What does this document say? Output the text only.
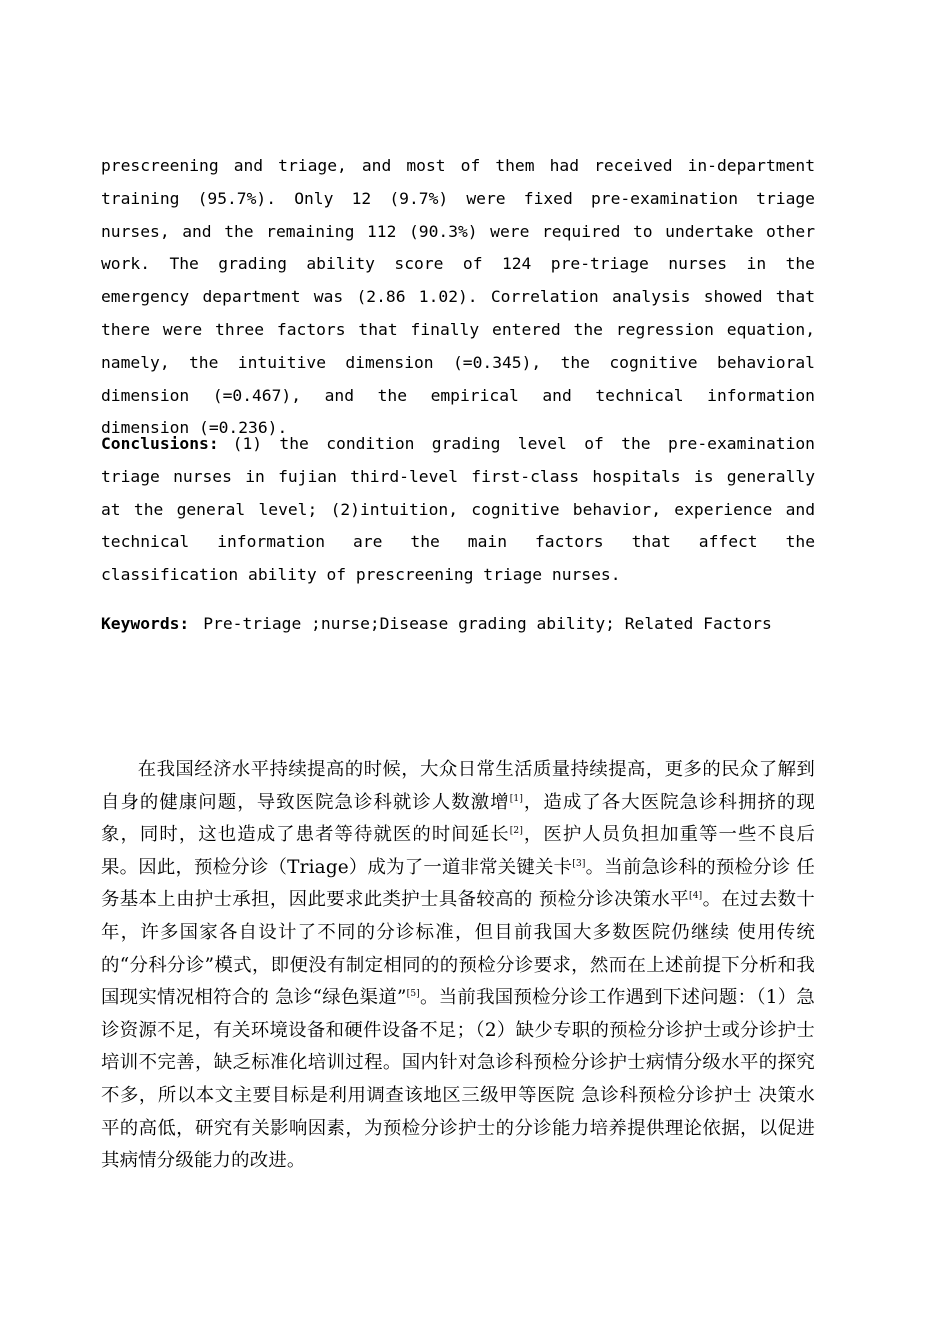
prescreening and triage, and most of them had received in-department training (95.7%). Only 12 (9.7%) were fixed pre-examination triage nurses, and the remaining 112 (90.3%) were required to undertake other work. The grading ability score of 124 pre-triage nurses in the emergency department was (2.86 1.02). Correlation analysis showed that there were three factors that finally entered the regression equation, namely, the intuitive dimension (=0.345), the cognitive behavioral dimension (=0.467), and the empirical and technical information dimension (=0.236).

Conclusions: (1) the condition grading level of the pre-examination triage nurses in fujian third-level first-class hospitals is generally at the general level; (2)intuition, cognitive behavior, experience and technical information are the main factors that affect the classification ability of prescreening triage nurses.

Keywords: Pre-triage ;nurse;Disease grading ability; Related Factors

在我国经济水平持续提高的时候，大众日常生活质量持续提高，更多的民众了解到自身的健康问题，导致医院急诊科就诊人数激增[1]，造成了各大医院急诊科拥挤的现象，同时，这也造成了患者等待就医的时间延长[2]，医护人员负担加重等一些不良后果。因此，预检分诊（Triage）成为了一道非常关键关卡[3]。当前急诊科的预检分诊 任务基本上由护士承担，因此要求此类护士具备较高的 预检分诊决策水平[4]。在过去数十年，许多国家各自设计了不同的分诊标准，但目前我国大多数医院仍继续 使用传统的“分科分诊”模式，即便没有制定相同的的预检分诊要求，然而在上述前提下分析和我国现实情况相符合的 急诊“绿色渠道”[5]。当前我国预检分诊工作遇到下述问题：（1）急诊资源不足，有关环境设备和硬件设备不足；（2）缺少专职的预检分诊护士或分诊护士培训不完善，缺乏标准化培训过程。国内针对急诊科预检分诊护士病情分级水平的探究不多，所以本文主要目标是利用调查该地区三级甲等医院 急诊科预检分诊护士 决策水平的高低，研究有关影响因素，为预检分诊护士的分诊能力培养提供理论依据，以促进其病情分级能力的改进。
